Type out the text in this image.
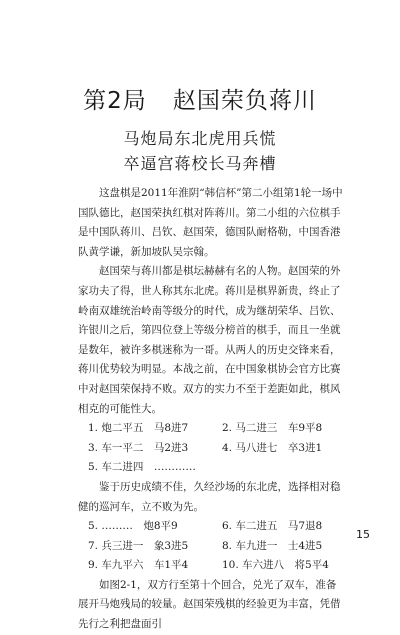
第2局 赵国荣负蒋川
马炮局东北虎用兵慌
卒逼宫蒋校长马奔槽

这盘棋是2011年淮阴“韩信杯”第二小组第1轮一场中国队德比，赵国荣执红棋对阵蒋川。第二小组的六位棋手是中国队蒋川、吕钦、赵国荣，德国队耐格勒，中国香港队黄学谦，新加坡队吴宗翰。

赵国荣与蒋川都是棋坛赫赫有名的人物。赵国荣的外家功夫了得，世人称其东北虎。蒋川是棋界新贵，终止了岭南双雄统治岭南等级分的时代，成为继胡荣华、吕钦、许银川之后，第四位登上等级分榜首的棋手，而且一坐就是数年，被许多棋迷称为一哥。从两人的历史交锋来看，蒋川优势较为明显。本战之前，在中国象棋协会官方比赛中对赵国荣保持不败。双方的实力不至于差距如此，棋风相克的可能性大。

1. 炮二平五　马8进7	2. 马二进三　车9平8
3. 车一平二　马2进3	4. 马八进七　卒3进1
5. 车二进四　…………

鉴于历史成绩不佳，久经沙场的东北虎，选择相对稳健的巡河车，立不败为先。

5. ………　炮8平9	6. 车二进五　马7退8
7. 兵三进一　象3进5	8. 车九进一　士4进5
9. 车九平六　车1平4	10. 车六进八　将5平4

如图2-1，双方行至第十个回合，兑光了双车，准备展开马炮残局的较量。赵国荣残棋的经验更为丰富，凭借先行之利把盘面引

15
